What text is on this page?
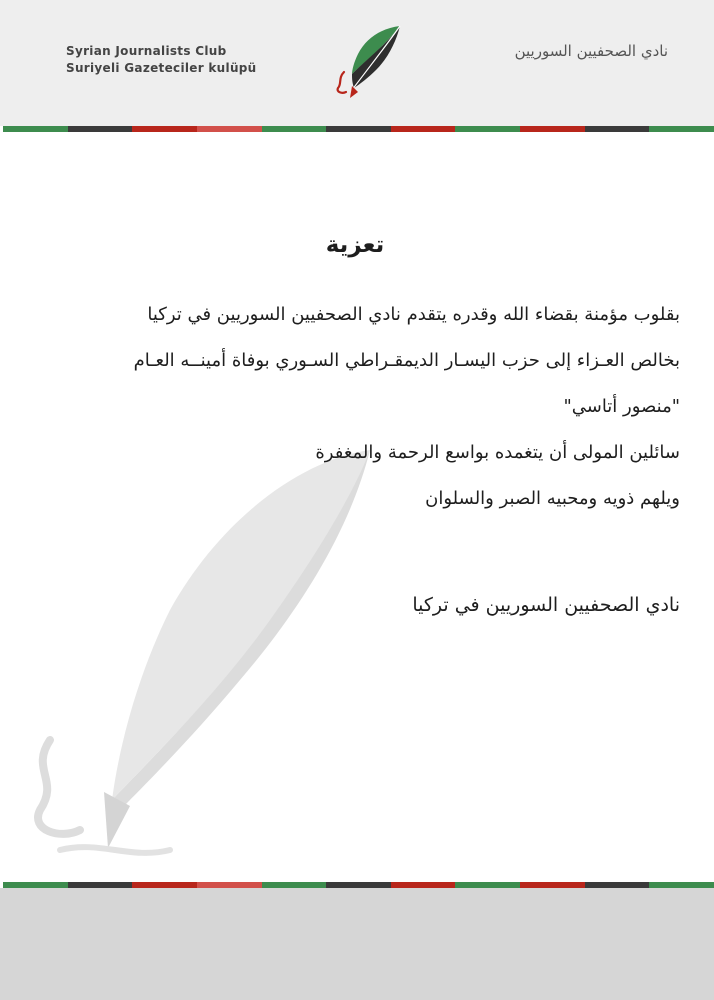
Syrian Journalists Club
Suriyeli Gazeteciler kulüpü
نادي الصحفيين السوريين
تعزية

بقلوب مؤمنة بقضاء الله وقدره يتقدم نادي الصحفيين السوريين في تركيا

بخالص العـزاء إلى حزب اليسـار الديمقـراطي السـوري بوفاة أمينــه العـام

"منصور أتاسي"

سائلين المولى أن يتغمده بواسع الرحمة والمغفرة

ويلهم ذويه ومحبيه الصبر والسلوان

نادي الصحفيين السوريين في تركيا
